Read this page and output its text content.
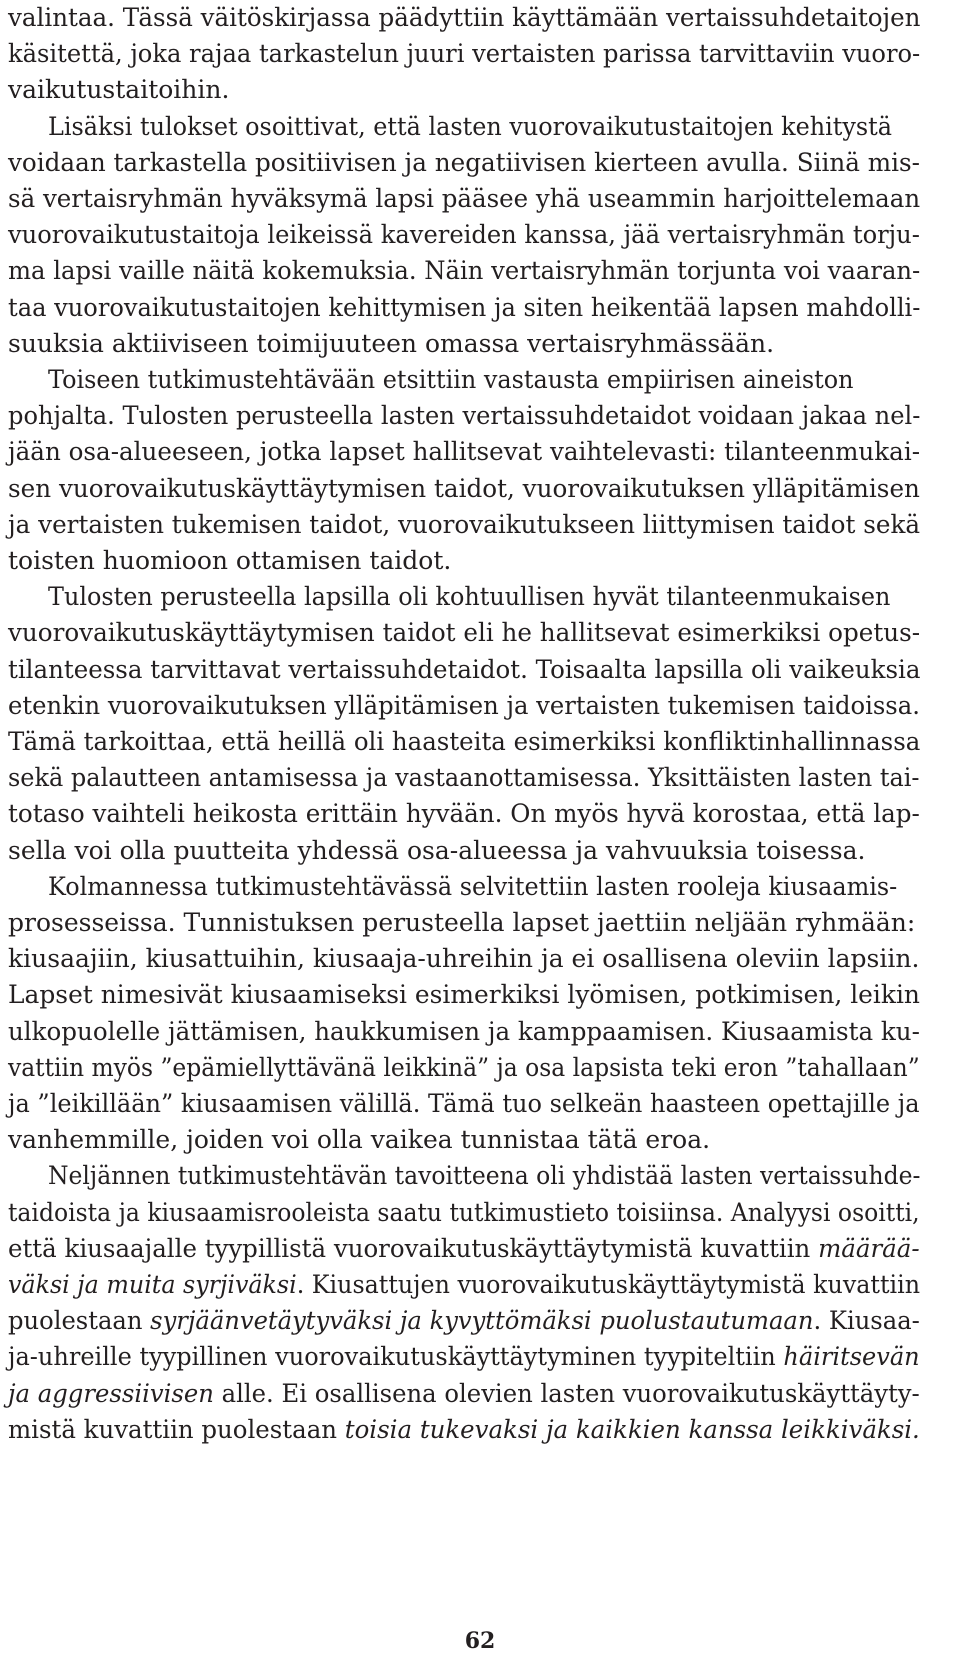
valintaa. Tässä väitöskirjassa päädyttiin käyttämään vertaissuhdetaitojen
käsitettä, joka rajaa tarkastelun juuri vertaisten parissa tarvittaviin vuoro-
vaikutustaitoihin.
Lisäksi tulokset osoittivat, että lasten vuorovaikutustaitojen kehitystä
voidaan tarkastella positiivisen ja negatiivisen kierteen avulla. Siinä mis-
sä vertaisryhmän hyväksymä lapsi pääsee yhä useammin harjoittelemaan
vuorovaikutustaitoja leikeissä kavereiden kanssa, jää vertaisryhmän torju-
ma lapsi vaille näitä kokemuksia. Näin vertaisryhmän torjunta voi vaaran-
taa vuorovaikutustaitojen kehittymisen ja siten heikentää lapsen mahdolli-
suuksia aktiiviseen toimijuuteen omassa vertaisryhmässään.
Toiseen tutkimustehtävään etsittiin vastausta empiirisen aineiston
pohjalta. Tulosten perusteella lasten vertaissuhdetaidot voidaan jakaa nel-
jään osa-alueeseen, jotka lapset hallitsevat vaihtelevasti: tilanteenmukai-
sen vuorovaikutuskäyttäytymisen taidot, vuorovaikutuksen ylläpitämisen
ja vertaisten tukemisen taidot, vuorovaikutukseen liittymisen taidot sekä
toisten huomioon ottamisen taidot.
Tulosten perusteella lapsilla oli kohtuullisen hyvät tilanteenmukaisen
vuorovaikutuskäyttäytymisen taidot eli he hallitsevat esimerkiksi opetus-
tilanteessa tarvittavat vertaissuhdetaidot. Toisaalta lapsilla oli vaikeuksia
etenkin vuorovaikutuksen ylläpitämisen ja vertaisten tukemisen taidoissa.
Tämä tarkoittaa, että heillä oli haasteita esimerkiksi konfliktinhallinnassa
sekä palautteen antamisessa ja vastaanottamisessa. Yksittäisten lasten tai-
totaso vaihteli heikosta erittäin hyvään. On myös hyvä korostaa, että lap-
sella voi olla puutteita yhdessä osa-alueessa ja vahvuuksia toisessa.
Kolmannessa tutkimustehtävässä selvitettiin lasten rooleja kiusaamis-
prosesseissa. Tunnistuksen perusteella lapset jaettiin neljään ryhmään:
kiusaajiin, kiusattuihin, kiusaaja-uhreihin ja ei osallisena oleviin lapsiin.
Lapset nimesivät kiusaamiseksi esimerkiksi lyömisen, potkimisen, leikin
ulkopuolelle jättämisen, haukkumisen ja kamppaamisen. Kiusaamista ku-
vattiin myös ”epämiellyttävänä leikkinä” ja osa lapsista teki eron ”tahallaan”
ja ”leikillään” kiusaamisen välillä. Tämä tuo selkeän haasteen opettajille ja
vanhemmille, joiden voi olla vaikea tunnistaa tätä eroa.
Neljännen tutkimustehtävän tavoitteena oli yhdistää lasten vertaissuhde-
taidoista ja kiusaamisrooleista saatu tutkimustieto toisiinsa. Analyysi osoitti,
että kiusaajalle tyypillistä vuorovaikutuskäyttäytymistä kuvattiin määrää-
väksi ja muita syrjiväksi. Kiusattujen vuorovaikutuskäyttäytymistä kuvattiin
puolestaan syrjäänvetäytyväksi ja kyvyttömäksi puolustautumaan. Kiusaa-
ja-uhreille tyypillinen vuorovaikutuskäyttäytyminen tyypiteltiin häiritsevän
ja aggressiivisen alle. Ei osallisena olevien lasten vuorovaikutuskäyttäyty-
mistä kuvattiin puolestaan toisia tukevaksi ja kaikkien kanssa leikkiväksi.
62
